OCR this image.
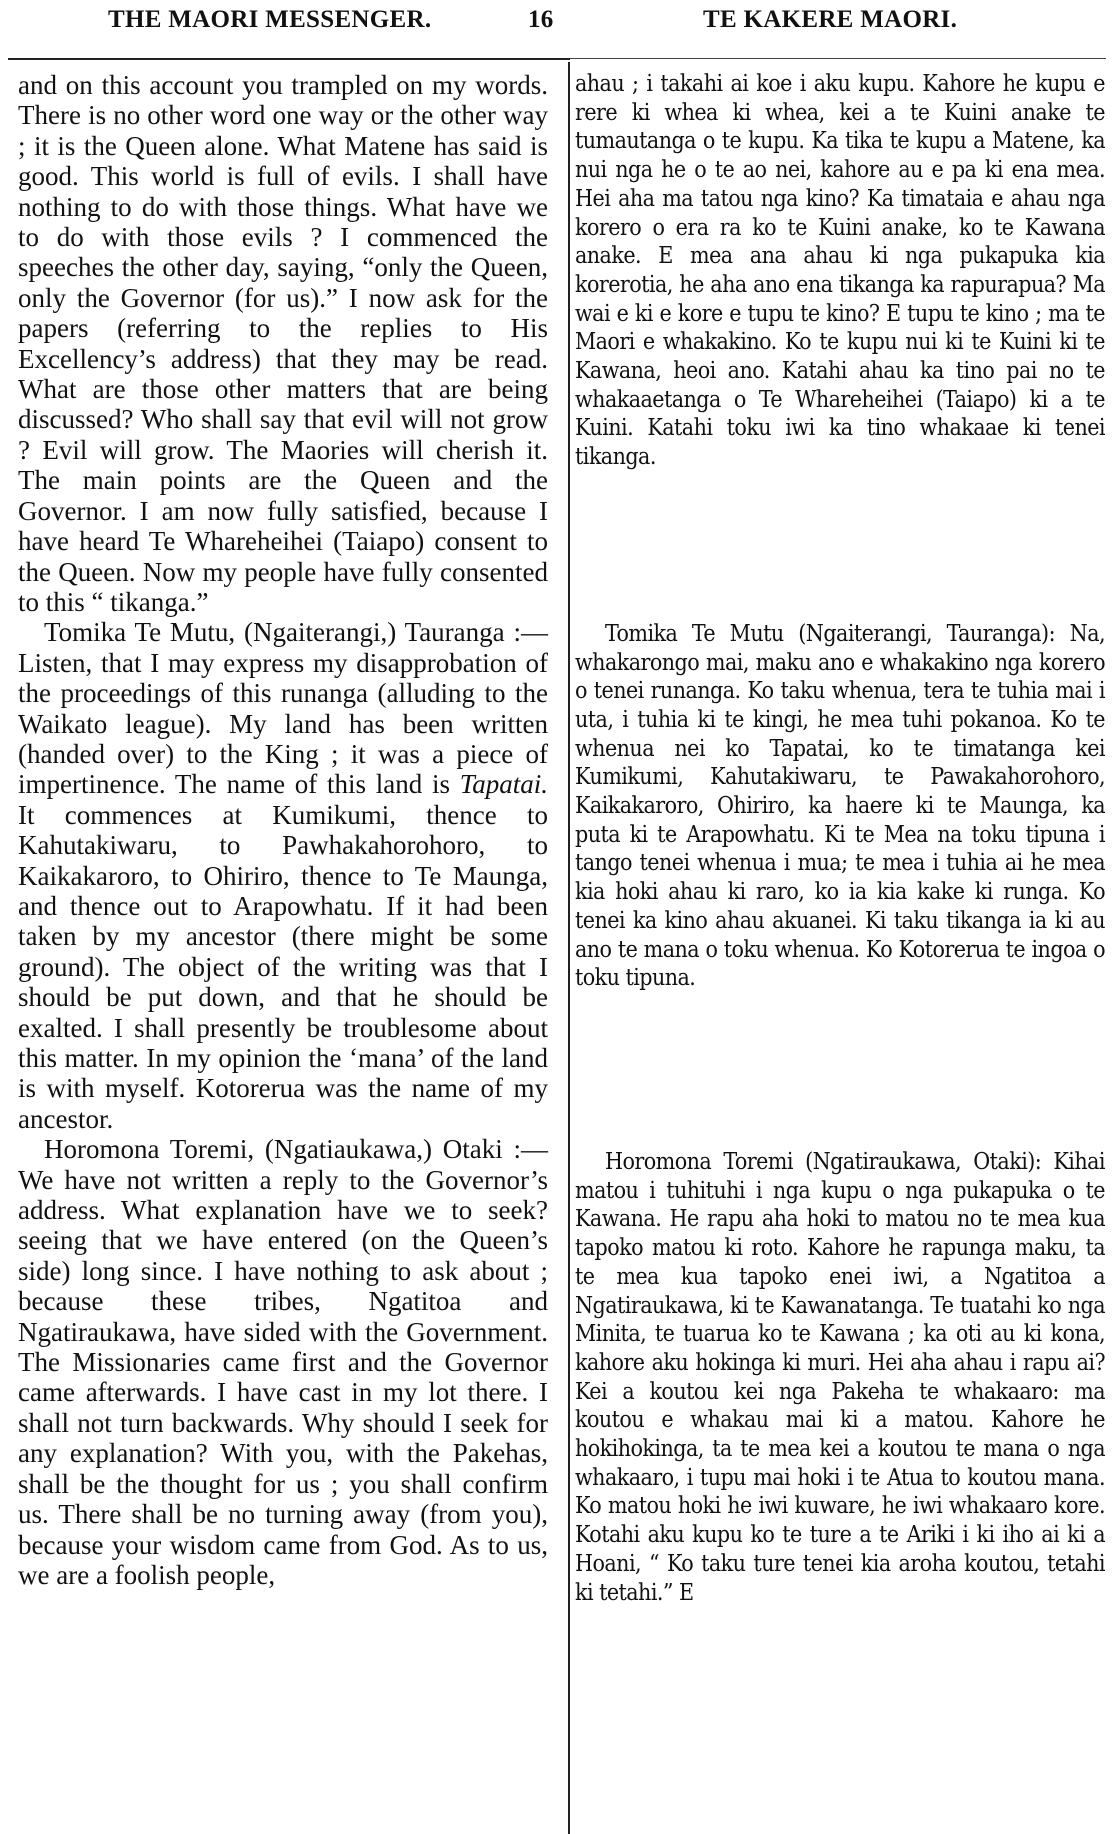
THE MAORI MESSENGER.	16	TE KAKERE MAORI.

and on this account you trampled on my words. There is no other word one way or the other way ; it is the Queen alone. What Matene has said is good. This world is full of evils. I shall have nothing to do with those things. What have we to do with those evils ? I commenced the speeches the other day, saying, “only the Queen, only the Governor (for us).” I now ask for the papers (referring to the replies to His Excellency’s address) that they may be read. What are those other matters that are being discussed? Who shall say that evil will not grow ? Evil will grow. The Maories will cherish it. The main points are the Queen and the Governor. I am now fully satisfied, because I have heard Te Whareheihei (Taiapo) consent to the Queen. Now my people have fully consented to this “ tikanga.”

Tomika Te Mutu, (Ngaiterangi,) Tauranga :—Listen, that I may express my disapprobation of the proceedings of this runanga (alluding to the Waikato league). My land has been written (handed over) to the King ; it was a piece of impertinence. The name of this land is Tapatai. It commences at Kumikumi, thence to Kahutakiwaru, to Pawhakahorohoro, to Kaikakaroro, to Ohiriro, thence to Te Maunga, and thence out to Arapowhatu. If it had been taken by my ancestor (there might be some ground). The object of the writing was that I should be put down, and that he should be exalted. I shall presently be troublesome about this matter. In my opinion the ‘mana’ of the land is with myself. Kotorerua was the name of my ancestor.

Horomona Toremi, (Ngatiaukawa,) Otaki :—We have not written a reply to the Governor’s address. What explanation have we to seek? seeing that we have entered (on the Queen’s side) long since. I have nothing to ask about ; because these tribes, Ngatitoa and Ngatiraukawa, have sided with the Government. The Missionaries came first and the Governor came afterwards. I have cast in my lot there. I shall not turn backwards. Why should I seek for any explanation? With you, with the Pakehas, shall be the thought for us ; you shall confirm us. There shall be no turning away (from you), because your wisdom came from God. As to us, we are a foolish people,

ahau ; i takahi ai koe i aku kupu. Kahore he kupu e rere ki whea ki whea, kei a te Kuini anake te tumautanga o te kupu. Ka tika te kupu a Matene, ka nui nga he o te ao nei, kahore au e pa ki ena mea. Hei aha ma tatou nga kino? Ka timataia e ahau nga korero o era ra ko te Kuini anake, ko te Kawana anake. E mea ana ahau ki nga pukapuka kia korerotia, he aha ano ena tikanga ka rapurapua? Ma wai e ki e kore e tupu te kino? E tupu te kino ; ma te Maori e whakakino. Ko te kupu nui ki te Kuini ki te Kawana, heoi ano. Katahi ahau ka tino pai no te whakaaetanga o Te Whareheihei (Taiapo) ki a te Kuini. Katahi toku iwi ka tino whakaae ki tenei tikanga.

Tomika Te Mutu (Ngaiterangi, Tauranga): Na, whakarongo mai, maku ano e whakakino nga korero o tenei runanga. Ko taku whenua, tera te tuhia mai i uta, i tuhia ki te kingi, he mea tuhi pokanoa. Ko te whenua nei ko Tapatai, ko te timatanga kei Kumikumi, Kahutakiwaru, te Pawakahorohoro, Kaikakaroro, Ohiriro, ka haere ki te Maunga, ka puta ki te Arapowhatu. Ki te Mea na toku tipuna i tango tenei whenua i mua; te mea i tuhia ai he mea kia hoki ahau ki raro, ko ia kia kake ki runga. Ko tenei ka kino ahau akuanei. Ki taku tikanga ia ki au ano te mana o toku whenua. Ko Kotorerua te ingoa o toku tipuna.

Horomona Toremi (Ngatiraukawa, Otaki): Kihai matou i tuhituhi i nga kupu o nga pukapuka o te Kawana. He rapu aha hoki to matou no te mea kua tapoko matou ki roto. Kahore he rapunga maku, ta te mea kua tapoko enei iwi, a Ngatitoa a Ngatiraukawa, ki te Kawanatanga. Te tuatahi ko nga Minita, te tuarua ko te Kawana ; ka oti au ki kona, kahore aku hokinga ki muri. Hei aha ahau i rapu ai? Kei a koutou kei nga Pakeha te whakaaro: ma koutou e whakau mai ki a matou. Kahore he hokihokinga, ta te mea kei a koutou te mana o nga whakaaro, i tupu mai hoki i te Atua to koutou mana. Ko matou hoki he iwi kuware, he iwi whakaaro kore. Kotahi aku kupu ko te ture a te Ariki i ki iho ai ki a Hoani, “ Ko taku ture tenei kia aroha koutou, tetahi ki tetahi.” E
